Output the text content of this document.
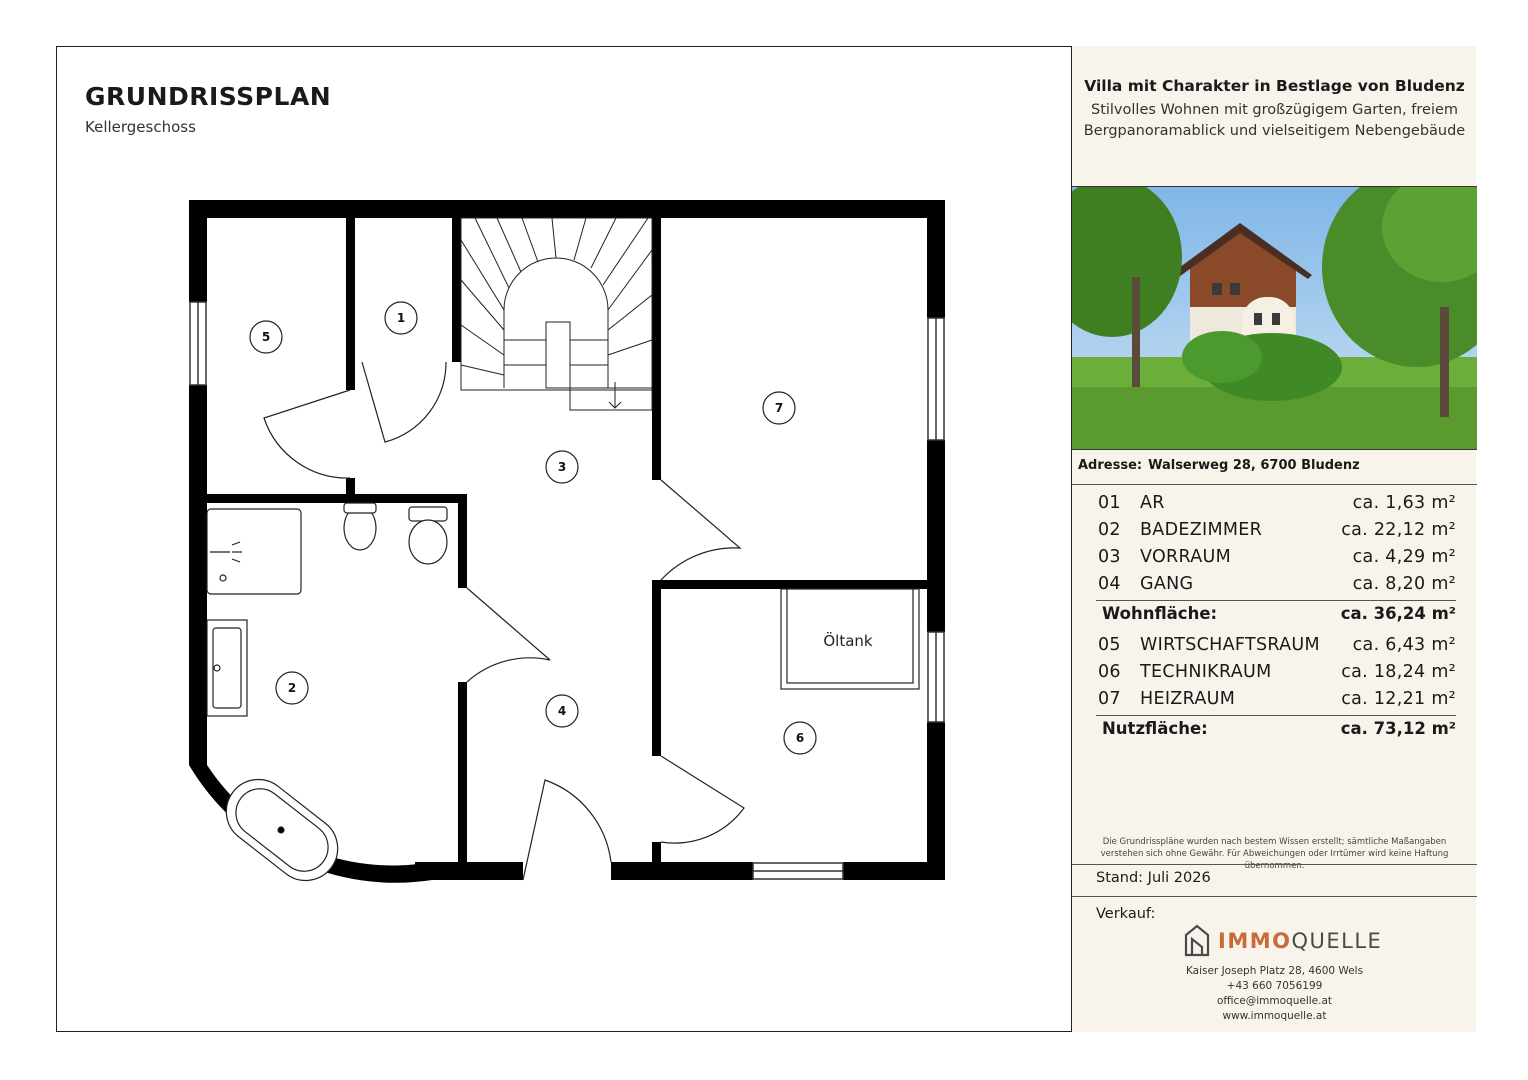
GRUNDRISSPLAN
Kellergeschoss
Öltank
1
2
3
4
5
6
7
Villa mit Charakter in Bestlage von Bludenz
Stilvolles Wohnen mit großzügigem Garten, freiem Bergpanoramablick und vielseitigem Nebengebäude
Adresse: Walserweg 28, 6700 Bludenz
01 AR	ca. 1,63 m²
02 BADEZIMMER	ca. 22,12 m²
03 VORRAUM	ca. 4,29 m²
04 GANG	ca. 8,20 m²
Wohnfläche:	ca. 36,24 m²
05 WIRTSCHAFTSRAUM ca. 6,43 m²
06 TECHNIKRAUM	ca. 18,24 m²
07 HEIZRAUM	ca. 12,21 m²
Nutzfläche:	ca. 73,12 m²
Die Grundrisspläne wurden nach bestem Wissen erstellt; sämtliche Maßangaben verstehen sich ohne Gewähr. Für Abweichungen oder Irrtümer wird keine Haftung übernommen.
Stand: Juli 2026
Verkauf:
IMMOQUELLE
Kaiser Joseph Platz 28, 4600 Wels
+43 660 7056199
office@immoquelle.at
www.immoquelle.at
